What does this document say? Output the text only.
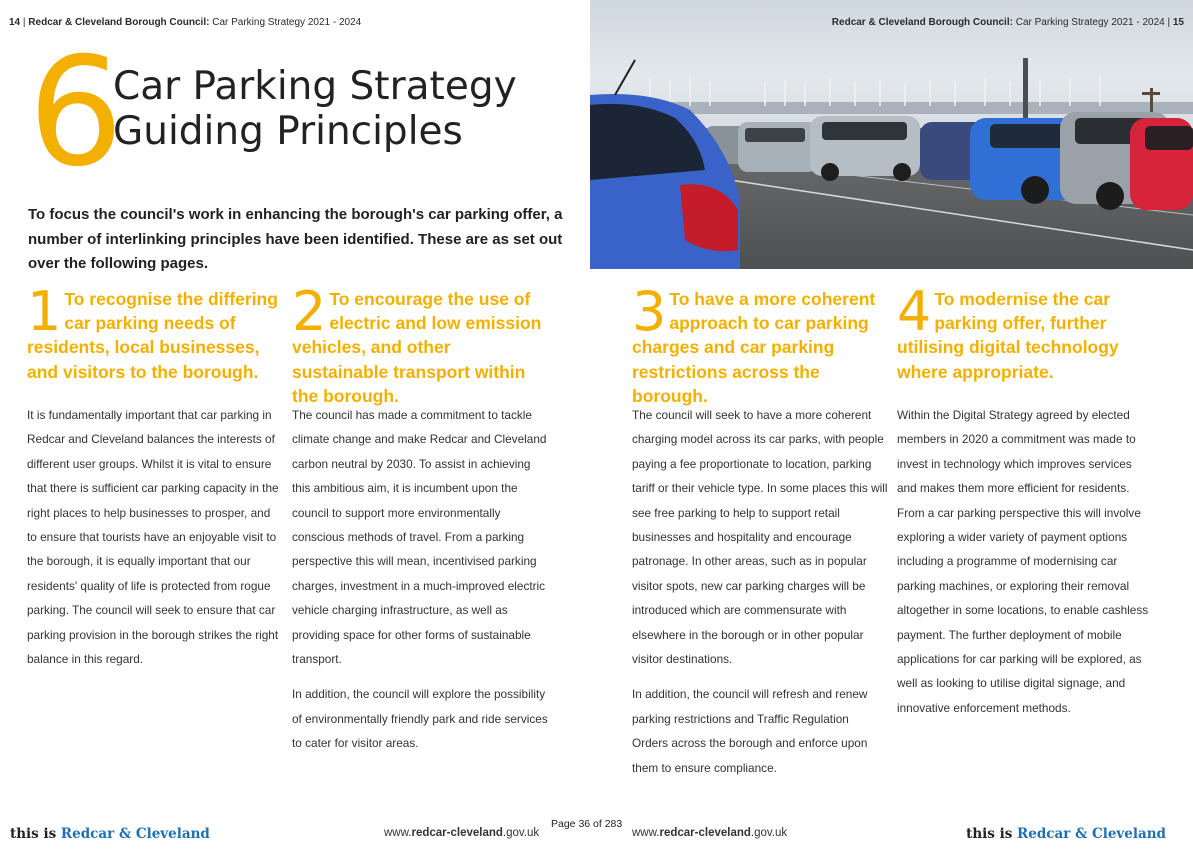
14 | Redcar & Cleveland Borough Council: Car Parking Strategy 2021 - 2024	Redcar & Cleveland Borough Council: Car Parking Strategy 2021 - 2024 | 15
6
Car Parking Strategy
Guiding Principles
To focus the council's work in enhancing the borough's car parking offer, a number of interlinking principles have been identified. These are as set out over the following pages.
1 To recognise the differing car parking needs of residents, local businesses, and visitors to the borough.

It is fundamentally important that car parking in Redcar and Cleveland balances the interests of different user groups. Whilst it is vital to ensure that there is sufficient car parking capacity in the right places to help businesses to prosper, and to ensure that tourists have an enjoyable visit to the borough, it is equally important that our residents' quality of life is protected from rogue parking. The council will seek to ensure that car parking provision in the borough strikes the right balance in this regard.

2 To encourage the use of electric and low emission vehicles, and other sustainable transport within the borough.

The council has made a commitment to tackle climate change and make Redcar and Cleveland carbon neutral by 2030. To assist in achieving this ambitious aim, it is incumbent upon the council to support more environmentally conscious methods of travel. From a parking perspective this will mean, incentivised parking charges, investment in a much-improved electric vehicle charging infrastructure, as well as providing space for other forms of sustainable transport.

In addition, the council will explore the possibility of environmentally friendly park and ride services to cater for visitor areas.

3 To have a more coherent approach to car parking charges and car parking restrictions across the borough.

The council will seek to have a more coherent charging model across its car parks, with people paying a fee proportionate to location, parking tariff or their vehicle type. In some places this will see free parking to help to support retail businesses and hospitality and encourage patronage. In other areas, such as in popular visitor spots, new car parking charges will be introduced which are commensurate with elsewhere in the borough or in other popular visitor destinations.

In addition, the council will refresh and renew parking restrictions and Traffic Regulation Orders across the borough and enforce upon them to ensure compliance.

4 To modernise the car parking offer, further utilising digital technology where appropriate.

Within the Digital Strategy agreed by elected members in 2020 a commitment was made to invest in technology which improves services and makes them more efficient for residents. From a car parking perspective this will involve exploring a wider variety of payment options including a programme of modernising car parking machines, or exploring their removal altogether in some locations, to enable cashless payment. The further deployment of mobile applications for car parking will be explored, as well as looking to utilise digital signage, and innovative enforcement methods.

this is Redcar & Cleveland	www.redcar-cleveland.gov.uk
Page 36 of 283
www.redcar-cleveland.gov.uk	this is Redcar & Cleveland
